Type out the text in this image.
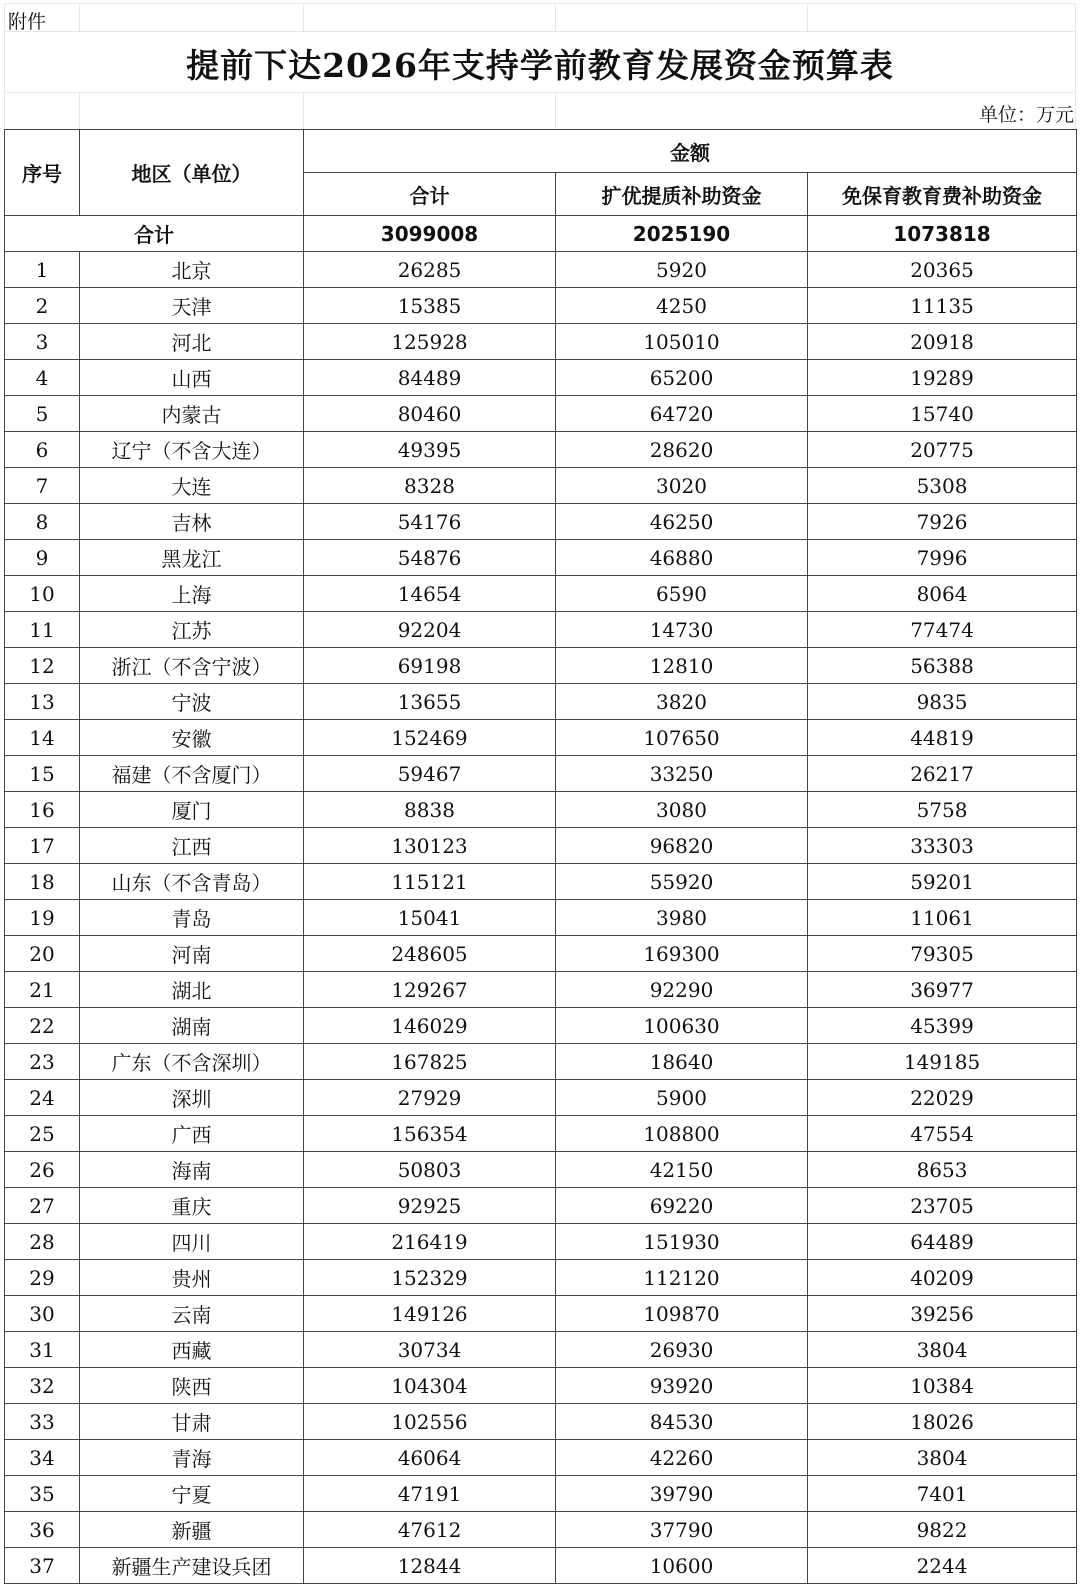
附件
提前下达2026年支持学前教育发展资金预算表
单位：万元
序号	地区（单位）	金额		
		合计	扩优提质补助资金	免保育教育费补助资金
合计		3099008	2025190	1073818
1	北京	26285	5920	20365
2	天津	15385	4250	11135
3	河北	125928	105010	20918
4	山西	84489	65200	19289
5	内蒙古	80460	64720	15740
6	辽宁（不含大连）	49395	28620	20775
7	大连	8328	3020	5308
8	吉林	54176	46250	7926
9	黑龙江	54876	46880	7996
10	上海	14654	6590	8064
11	江苏	92204	14730	77474
12	浙江（不含宁波）	69198	12810	56388
13	宁波	13655	3820	9835
14	安徽	152469	107650	44819
15	福建（不含厦门）	59467	33250	26217
16	厦门	8838	3080	5758
17	江西	130123	96820	33303
18	山东（不含青岛）	115121	55920	59201
19	青岛	15041	3980	11061
20	河南	248605	169300	79305
21	湖北	129267	92290	36977
22	湖南	146029	100630	45399
23	广东（不含深圳）	167825	18640	149185
24	深圳	27929	5900	22029
25	广西	156354	108800	47554
26	海南	50803	42150	8653
27	重庆	92925	69220	23705
28	四川	216419	151930	64489
29	贵州	152329	112120	40209
30	云南	149126	109870	39256
31	西藏	30734	26930	3804
32	陕西	104304	93920	10384
33	甘肃	102556	84530	18026
34	青海	46064	42260	3804
35	宁夏	47191	39790	7401
36	新疆	47612	37790	9822
37	新疆生产建设兵团	12844	10600	2244
